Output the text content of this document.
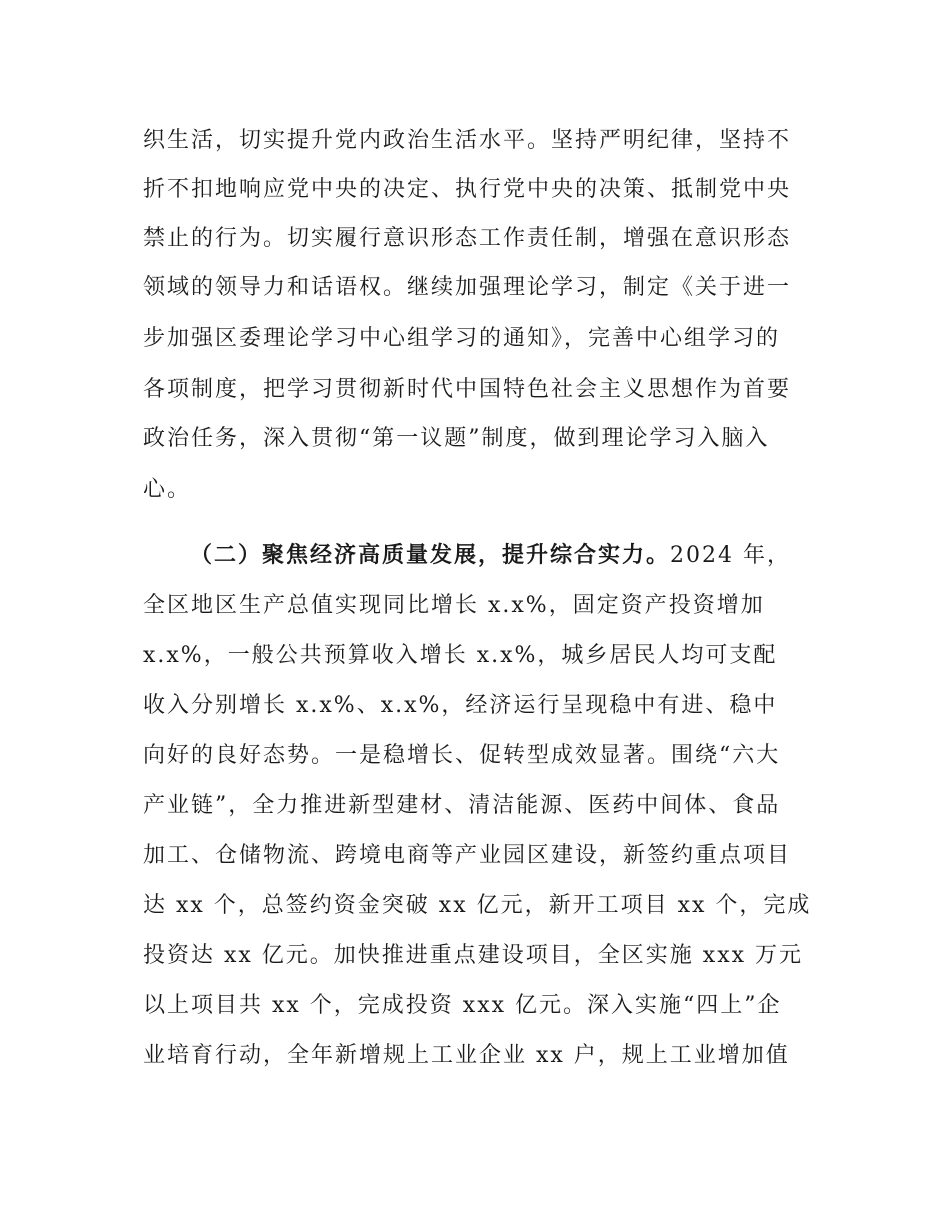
织生活，切实提升党内政治生活水平。坚持严明纪律，坚持不
折不扣地响应党中央的决定、执行党中央的决策、抵制党中央
禁止的行为。切实履行意识形态工作责任制，增强在意识形态
领域的领导力和话语权。继续加强理论学习，制定《关于进一
步加强区委理论学习中心组学习的通知》，完善中心组学习的
各项制度，把学习贯彻新时代中国特色社会主义思想作为首要
政治任务，深入贯彻“第一议题”制度，做到理论学习入脑入
心。
（二）聚焦经济高质量发展，提升综合实力。2024 年，
全区地区生产总值实现同比增长 x.x%，固定资产投资增加
x.x%，一般公共预算收入增长 x.x%，城乡居民人均可支配
收入分别增长 x.x%、x.x%，经济运行呈现稳中有进、稳中
向好的良好态势。一是稳增长、促转型成效显著。围绕“六大
产业链”，全力推进新型建材、清洁能源、医药中间体、食品
加工、仓储物流、跨境电商等产业园区建设，新签约重点项目
达 xx 个，总签约资金突破 xx 亿元，新开工项目 xx 个，完成
投资达 xx 亿元。加快推进重点建设项目，全区实施 xxx 万元
以上项目共 xx 个，完成投资 xxx 亿元。深入实施“四上”企
业培育行动，全年新增规上工业企业 xx 户，规上工业增加值
